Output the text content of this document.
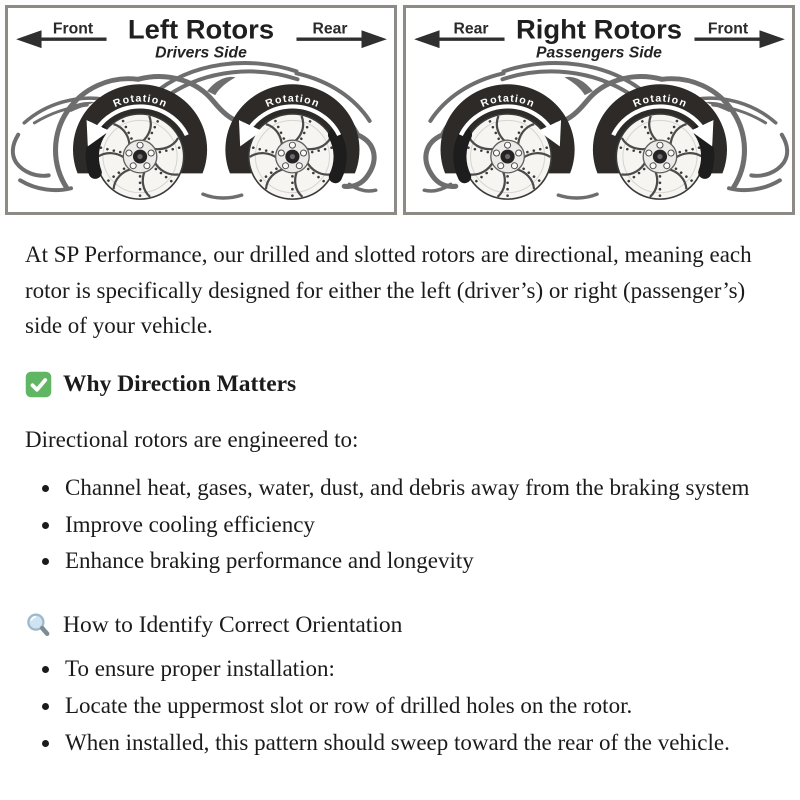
Front	Rear
Left Rotors
Drivers Side
Rotation	Rotation
Rear	Front
Right Rotors
Passengers Side
Rotation	Rotation

At SP Performance, our drilled and slotted rotors are directional, meaning each rotor is specifically designed for either the left (driver’s) or right (passenger’s) side of your vehicle.

Why Direction Matters

Directional rotors are engineered to:

• Channel heat, gases, water, dust, and debris away from the braking system
• Improve cooling efficiency
• Enhance braking performance and longevity
How to Identify Correct Orientation
• To ensure proper installation:
• Locate the uppermost slot or row of drilled holes on the rotor.
• When installed, this pattern should sweep toward the rear of the vehicle.
